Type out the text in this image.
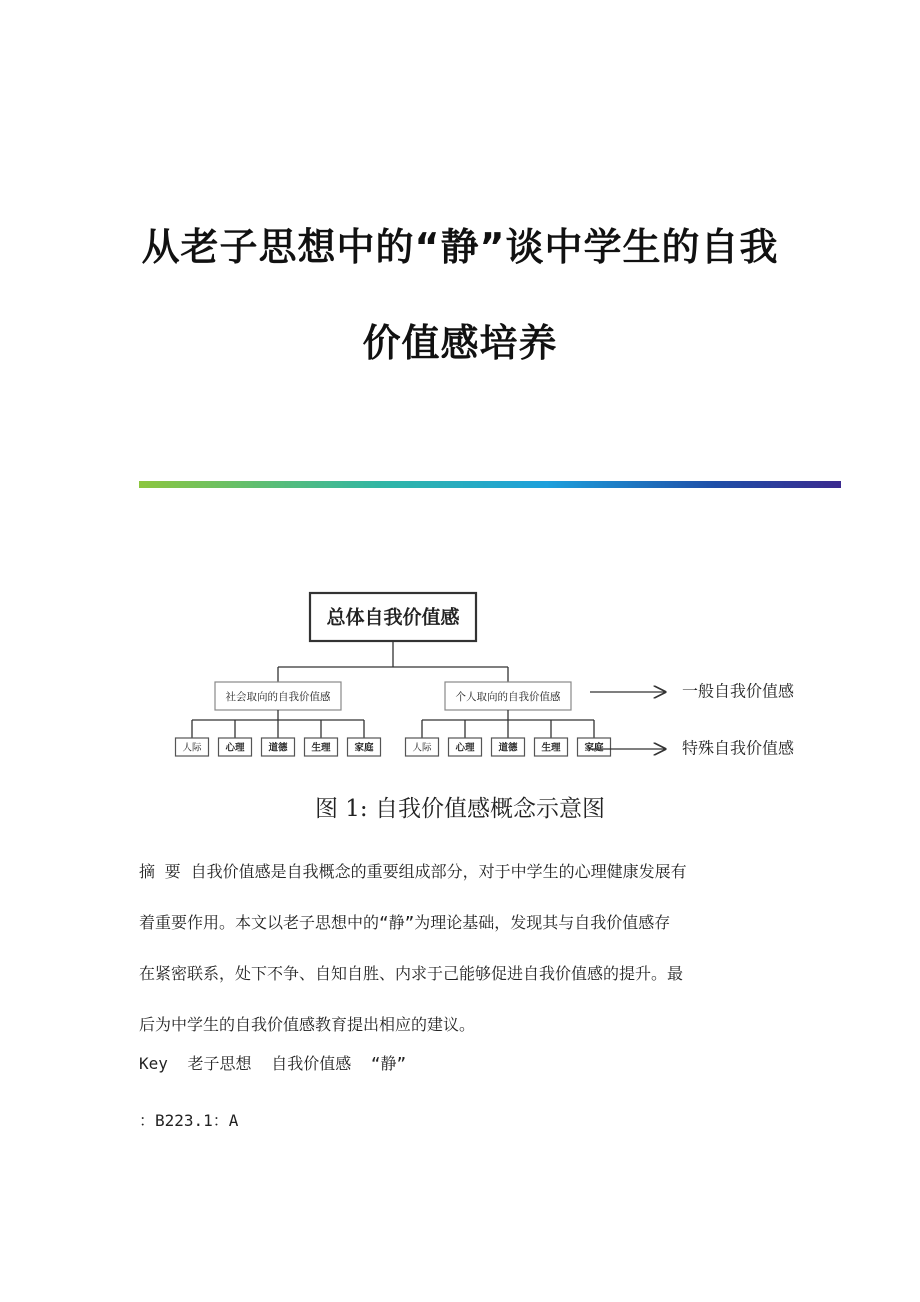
从老子思想中的“静”谈中学生的自我
价值感培养
总体自我价值感
社会取向的自我价值感
人际	心理	道德	生理	家庭
个人取向的自我价值感
人际	心理	道德	生理	家庭
一般自我价值感
特殊自我价值感
图 1: 自我价值感概念示意图
摘 要 自我价值感是自我概念的重要组成部分，对于中学生的心理健康发展有
着重要作用。本文以老子思想中的“静”为理论基础，发现其与自我价值感存
在紧密联系，处下不争、自知自胜、内求于己能够促进自我价值感的提升。最
后为中学生的自我价值感教育提出相应的建议。
Key 老子思想 自我价值感 “静”
：B223.1：A
